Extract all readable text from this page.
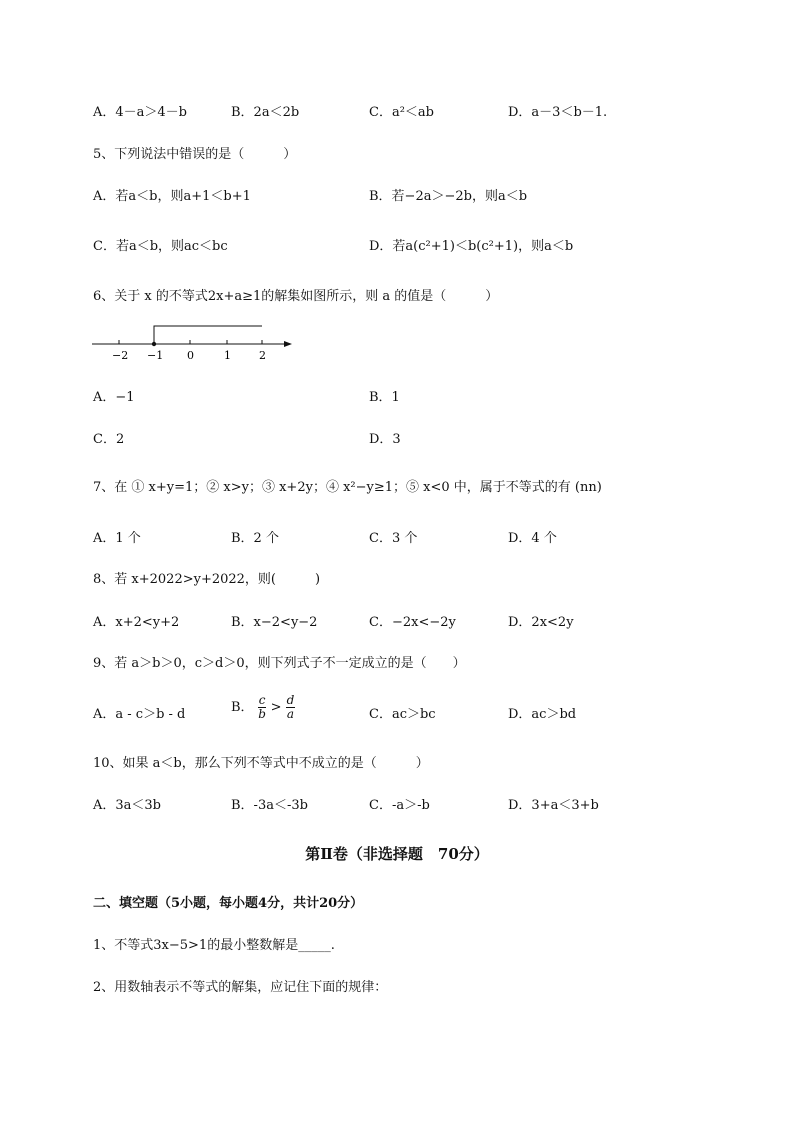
A．4－a＞4－b	B．2a＜2b	C．a²＜ab	D．a－3＜b－1.
5、下列说法中错误的是（　　　）
A．若a＜b，则a+1＜b+1	B．若−2a＞−2b，则a＜b
C．若a＜b，则ac＜bc	D．若a(c²+1)＜b(c²+1)，则a＜b
6、关于 x 的不等式2x+a≥1的解集如图所示，则 a 的值是（　　　）
−2 −1 0	1	2
A．−1	B．1
C．2	D．3
7、在 ① x+y=1；② x>y；③ x+2y；④ x²−y≥1；⑤ x<0 中，属于不等式的有 (nn)
A．1 个	B．2 个	C．3 个	D．4 个
8、若 x+2022>y+2022，则(　　　)
A．x+2<y+2	B．x−2<y−2	C．−2x<−2y	D．2x<2y
9、若 a＞b＞0，c＞d＞0，则下列式子不一定成立的是（　　）
A．a - c＞b - d	B． $\frac{c}{b} > \frac{d}{a}$	C．ac＞bc	D．ac＞bd
10、如果 a＜b，那么下列不等式中不成立的是（　　　）
A．3a＜3b	B．-3a＜-3b	C．-a＞-b	D．3+a＜3+b
第Ⅱ卷（非选择题　70分）
二、填空题（5小题，每小题4分，共计20分）
1、不等式3x−5>1的最小整数解是_____.
2、用数轴表示不等式的解集，应记住下面的规律：
